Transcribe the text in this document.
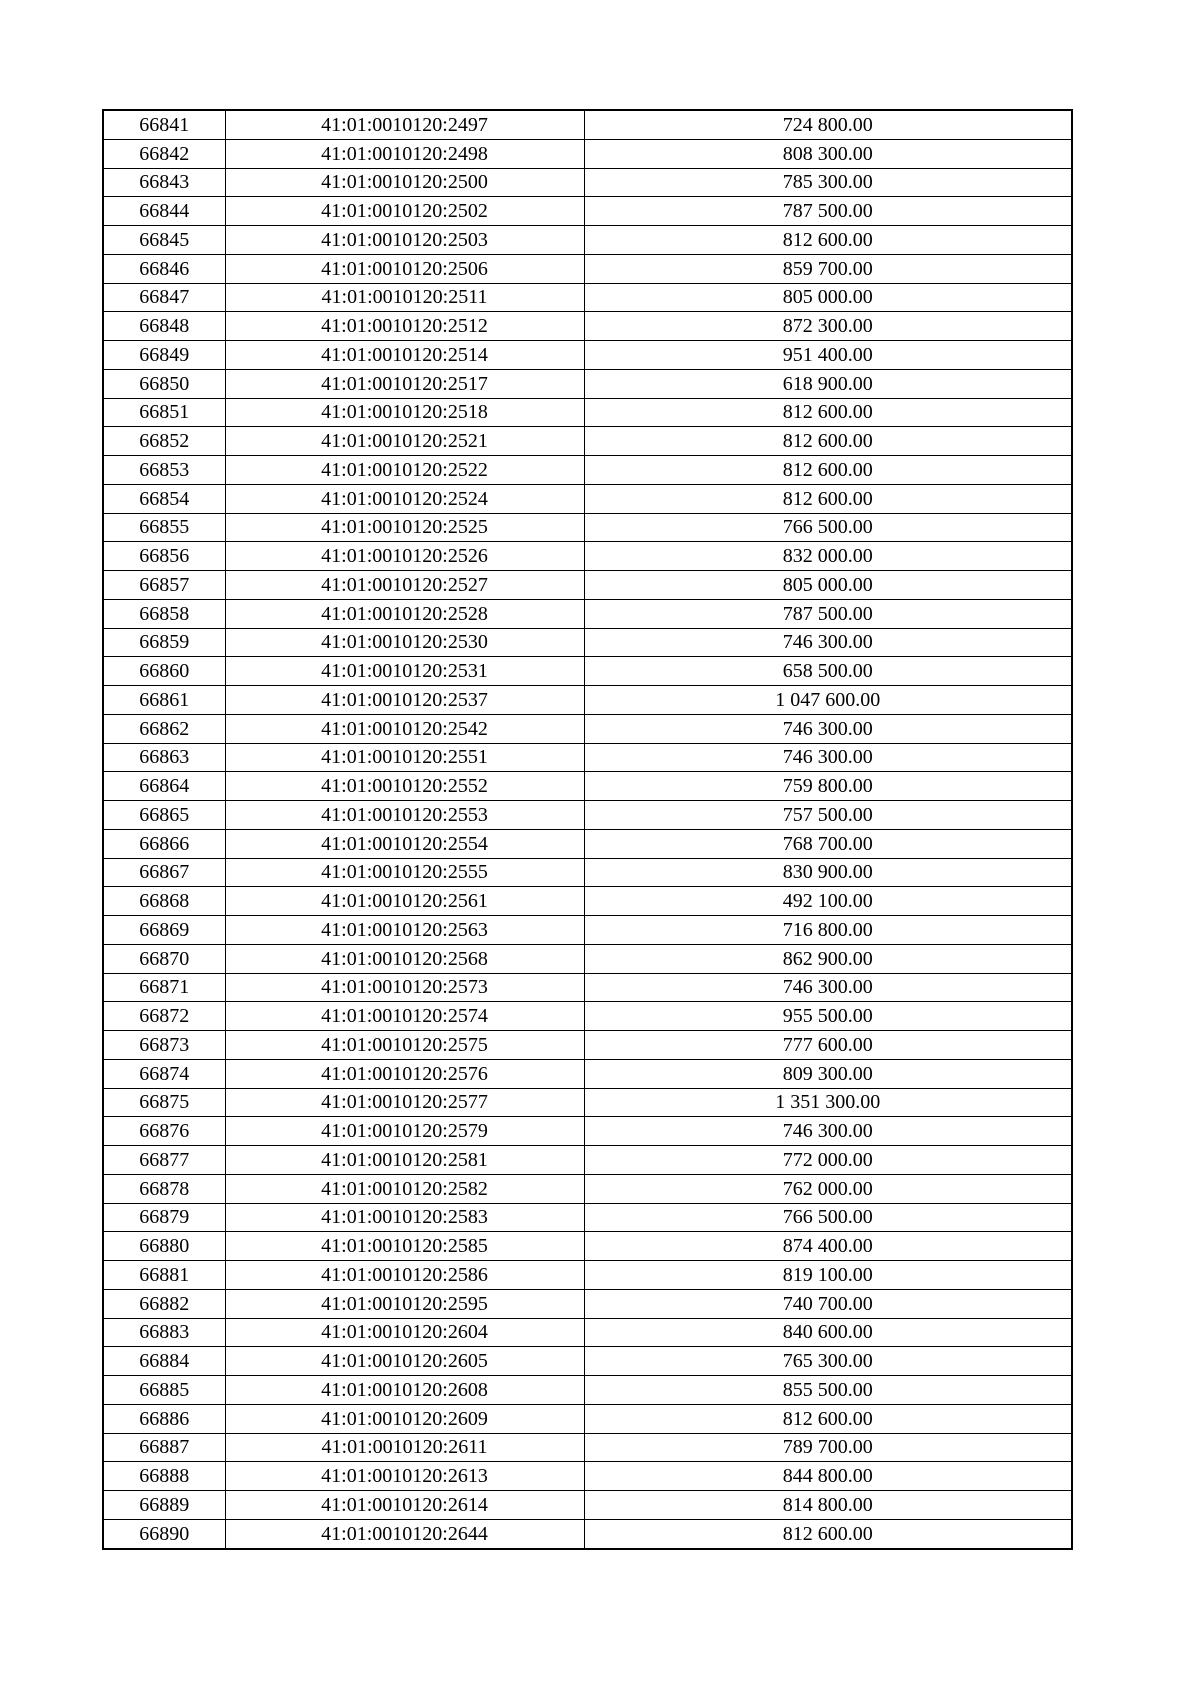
66841	41:01:0010120:2497	724 800.00
66842	41:01:0010120:2498	808 300.00
66843	41:01:0010120:2500	785 300.00
66844	41:01:0010120:2502	787 500.00
66845	41:01:0010120:2503	812 600.00
66846	41:01:0010120:2506	859 700.00
66847	41:01:0010120:2511	805 000.00
66848	41:01:0010120:2512	872 300.00
66849	41:01:0010120:2514	951 400.00
66850	41:01:0010120:2517	618 900.00
66851	41:01:0010120:2518	812 600.00
66852	41:01:0010120:2521	812 600.00
66853	41:01:0010120:2522	812 600.00
66854	41:01:0010120:2524	812 600.00
66855	41:01:0010120:2525	766 500.00
66856	41:01:0010120:2526	832 000.00
66857	41:01:0010120:2527	805 000.00
66858	41:01:0010120:2528	787 500.00
66859	41:01:0010120:2530	746 300.00
66860	41:01:0010120:2531	658 500.00
66861	41:01:0010120:2537	1 047 600.00
66862	41:01:0010120:2542	746 300.00
66863	41:01:0010120:2551	746 300.00
66864	41:01:0010120:2552	759 800.00
66865	41:01:0010120:2553	757 500.00
66866	41:01:0010120:2554	768 700.00
66867	41:01:0010120:2555	830 900.00
66868	41:01:0010120:2561	492 100.00
66869	41:01:0010120:2563	716 800.00
66870	41:01:0010120:2568	862 900.00
66871	41:01:0010120:2573	746 300.00
66872	41:01:0010120:2574	955 500.00
66873	41:01:0010120:2575	777 600.00
66874	41:01:0010120:2576	809 300.00
66875	41:01:0010120:2577	1 351 300.00
66876	41:01:0010120:2579	746 300.00
66877	41:01:0010120:2581	772 000.00
66878	41:01:0010120:2582	762 000.00
66879	41:01:0010120:2583	766 500.00
66880	41:01:0010120:2585	874 400.00
66881	41:01:0010120:2586	819 100.00
66882	41:01:0010120:2595	740 700.00
66883	41:01:0010120:2604	840 600.00
66884	41:01:0010120:2605	765 300.00
66885	41:01:0010120:2608	855 500.00
66886	41:01:0010120:2609	812 600.00
66887	41:01:0010120:2611	789 700.00
66888	41:01:0010120:2613	844 800.00
66889	41:01:0010120:2614	814 800.00
66890	41:01:0010120:2644	812 600.00
